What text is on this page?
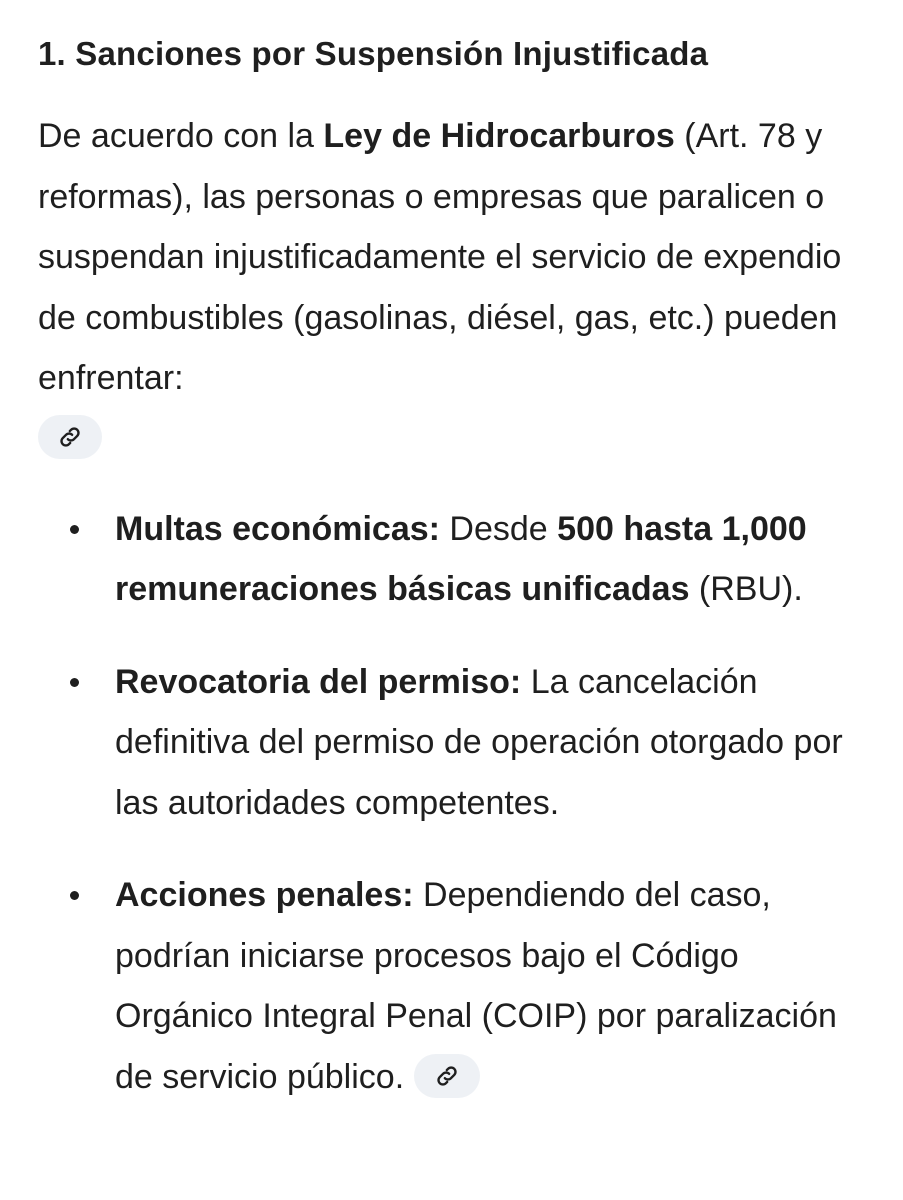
1. Sanciones por Suspensión Injustificada

De acuerdo con la Ley de Hidrocarburos (Art. 78 y reformas), las personas o empresas que paralicen o suspendan injustificadamente el servicio de expendio de combustibles (gasolinas, diésel, gas, etc.) pueden enfrentar:

Multas económicas: Desde 500 hasta 1,000 remuneraciones básicas unificadas (RBU).
Revocatoria del permiso: La cancelación definitiva del permiso de operación otorgado por las autoridades competentes.
Acciones penales: Dependiendo del caso, podrían iniciarse procesos bajo el Código Orgánico Integral Penal (COIP) por paralización de servicio público.
